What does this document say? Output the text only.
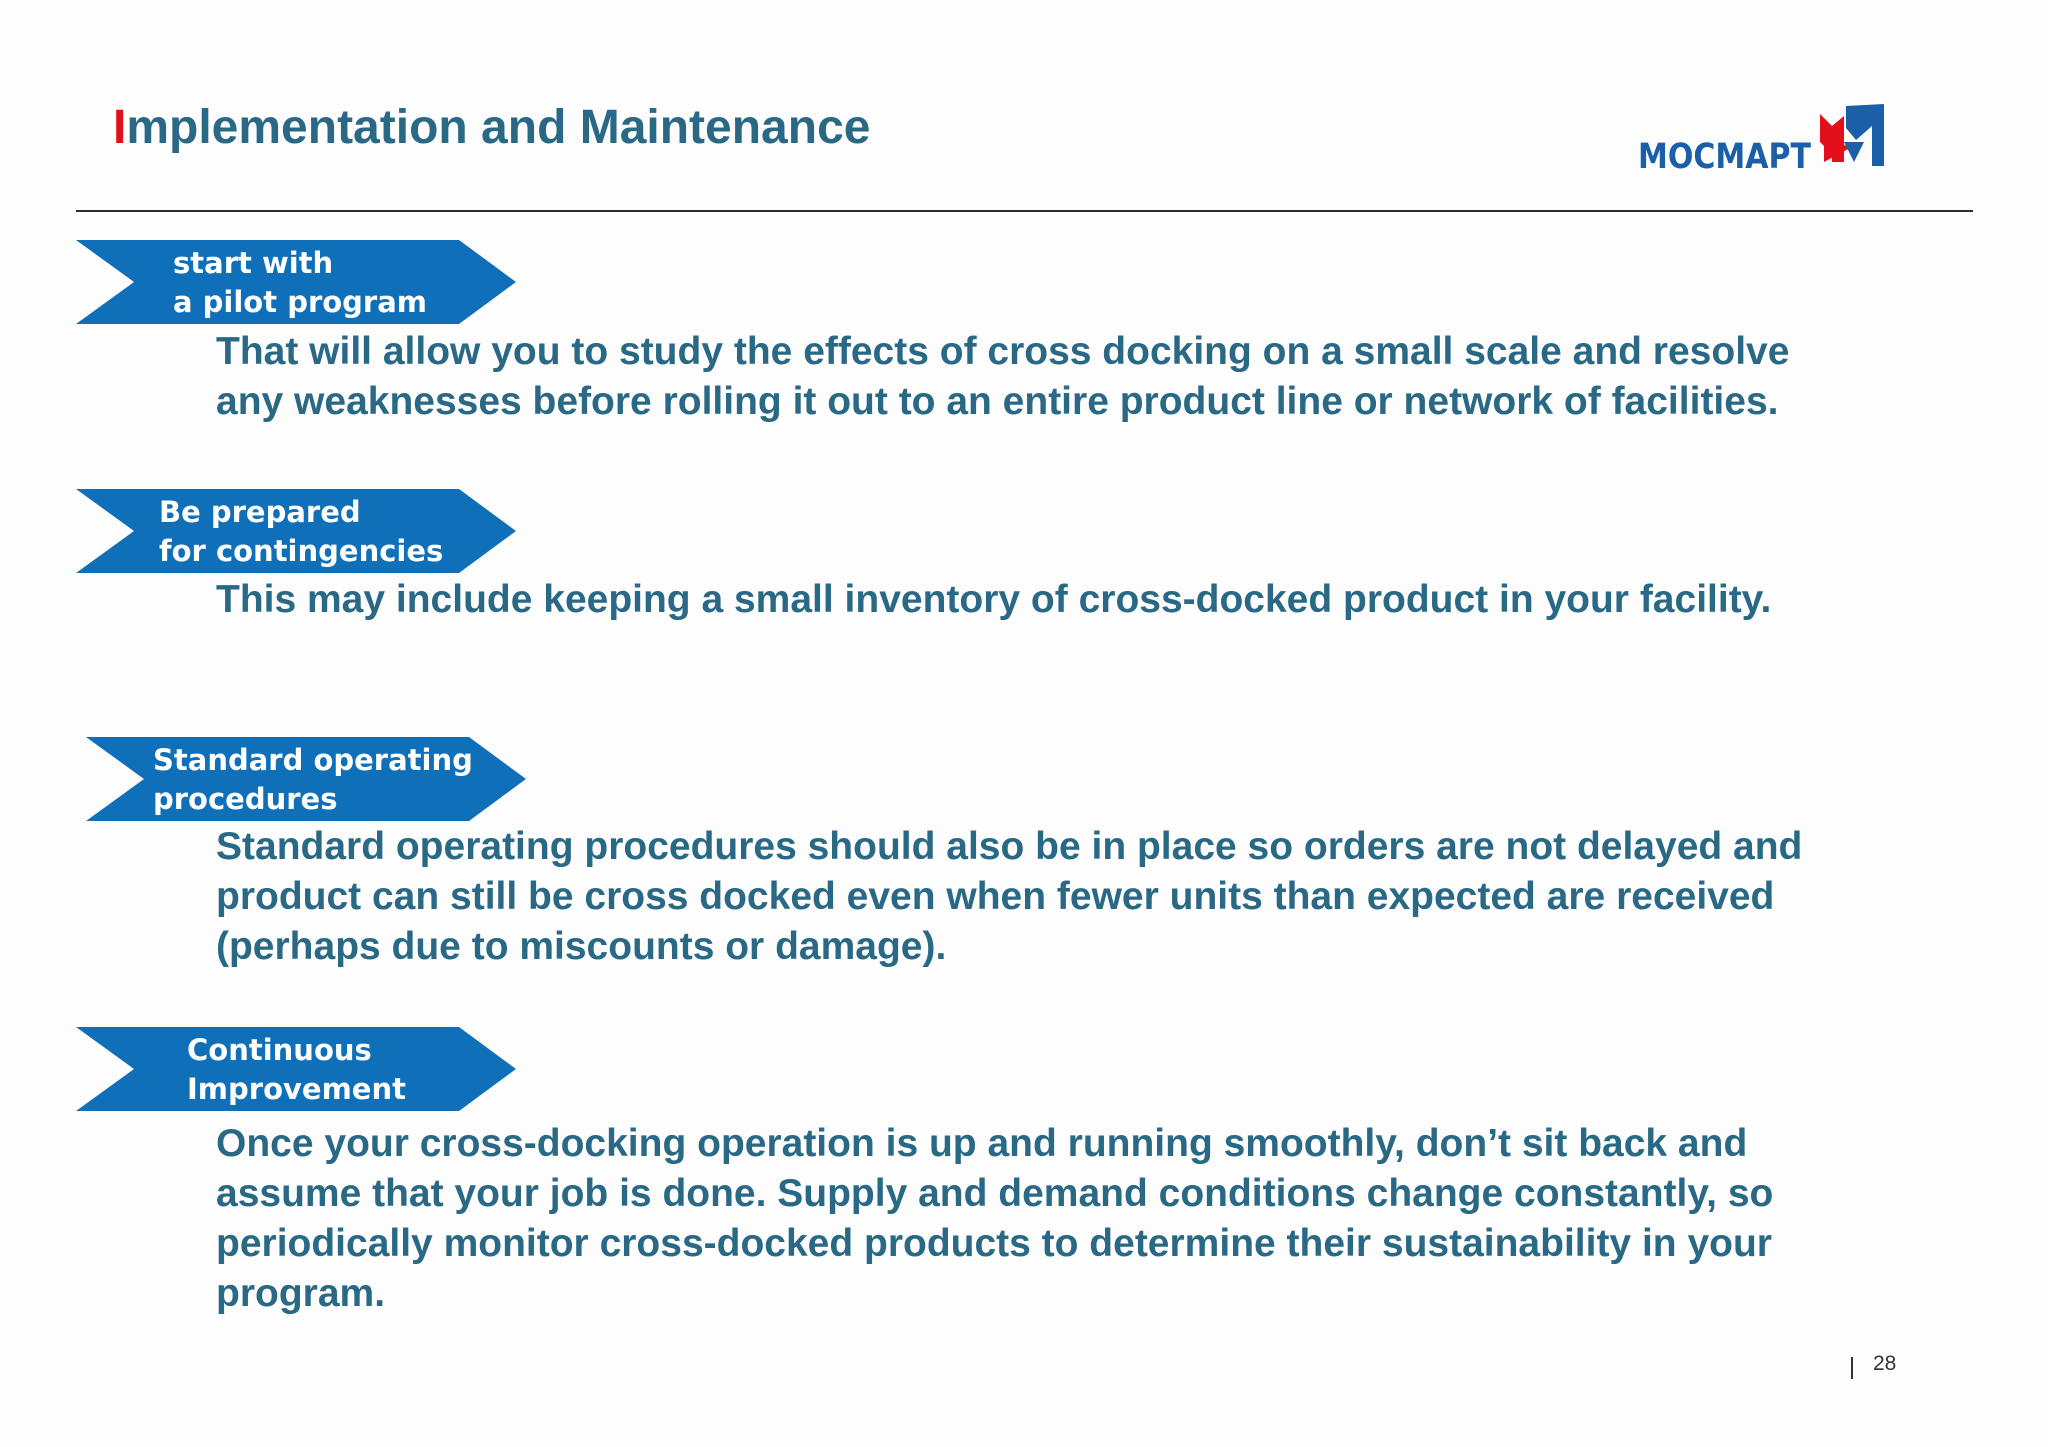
Implementation and Maintenance
МОСМАРТ
start with
a pilot program
That will allow you to study the effects of cross docking on a small scale and resolve any weaknesses before rolling it out to an entire product line or network of facilities.
Be prepared
for contingencies
This may include keeping a small inventory of cross-docked product in your facility.
Standard operating
procedures
Standard operating procedures should also be in place so orders are not delayed and product can still be cross docked even when fewer units than expected are received (perhaps due to miscounts or damage).
Continuous
Improvement
Once your cross-docking operation is up and running smoothly, don’t sit back and assume that your job is done. Supply and demand conditions change constantly, so periodically monitor cross-docked products to determine their sustainability in your program.
28
